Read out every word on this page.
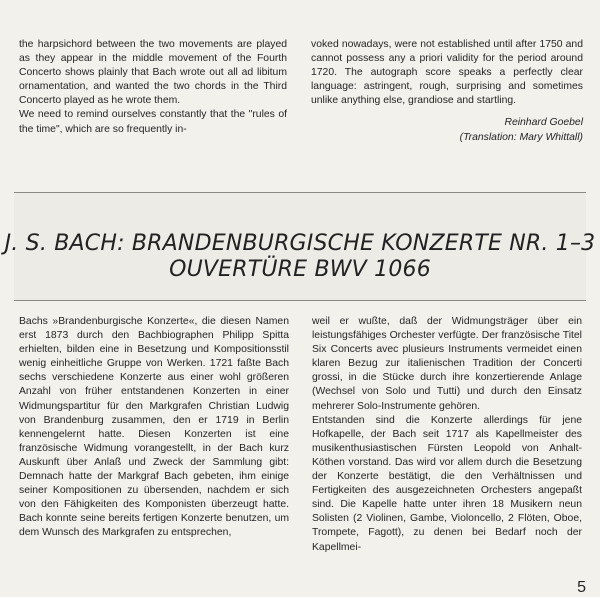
the harpsichord between the two movements are played as they appear in the middle movement of the Fourth Concerto shows plainly that Bach wrote out all ad libitum ornamentation, and wanted the two chords in the Third Concerto played as he wrote them.

We need to remind ourselves constantly that the "rules of the time", which are so frequently in-

voked nowadays, were not established until after 1750 and cannot possess any a priori validity for the period around 1720. The autograph score speaks a perfectly clear language: astringent, rough, surprising and sometimes unlike anything else, grandiose and startling.

Reinhard Goebel
(Translation: Mary Whittall)
J. S. BACH: BRANDENBURGISCHE KONZERTE NR. 1–3
OUVERTÜRE BWV 1066

Bachs »Brandenburgische Konzerte«, die diesen Namen erst 1873 durch den Bachbiographen Philipp Spitta erhielten, bilden eine in Besetzung und Kompositionsstil wenig einheitliche Gruppe von Werken. 1721 faßte Bach sechs verschiedene Konzerte aus einer wohl größeren Anzahl von früher entstandenen Konzerten in einer Widmungspartitur für den Markgrafen Christian Ludwig von Brandenburg zusammen, den er 1719 in Berlin kennengelernt hatte. Diesen Konzerten ist eine französische Widmung vorangestellt, in der Bach kurz Auskunft über Anlaß und Zweck der Sammlung gibt: Demnach hatte der Markgraf Bach gebeten, ihm einige seiner Kompositionen zu übersenden, nachdem er sich von den Fähigkeiten des Komponisten überzeugt hatte. Bach konnte seine bereits fertigen Konzerte benutzen, um dem Wunsch des Markgrafen zu entsprechen,

weil er wußte, daß der Widmungsträger über ein leistungsfähiges Orchester verfügte. Der französische Titel Six Concerts avec plusieurs Instruments vermeidet einen klaren Bezug zur italienischen Tradition der Concerti grossi, in die Stücke durch ihre konzertierende Anlage (Wechsel von Solo und Tutti) und durch den Einsatz mehrerer Solo-Instrumente gehören.

Entstanden sind die Konzerte allerdings für jene Hofkapelle, der Bach seit 1717 als Kapellmeister des musikenthusiastischen Fürsten Leopold von Anhalt-Köthen vorstand. Das wird vor allem durch die Besetzung der Konzerte bestätigt, die den Verhältnissen und Fertigkeiten des ausgezeichneten Orchesters angepaßt sind. Die Kapelle hatte unter ihren 18 Musikern neun Solisten (2 Violinen, Gambe, Violoncello, 2 Flöten, Oboe, Trompete, Fagott), zu denen bei Bedarf noch der Kapellmei-

5
